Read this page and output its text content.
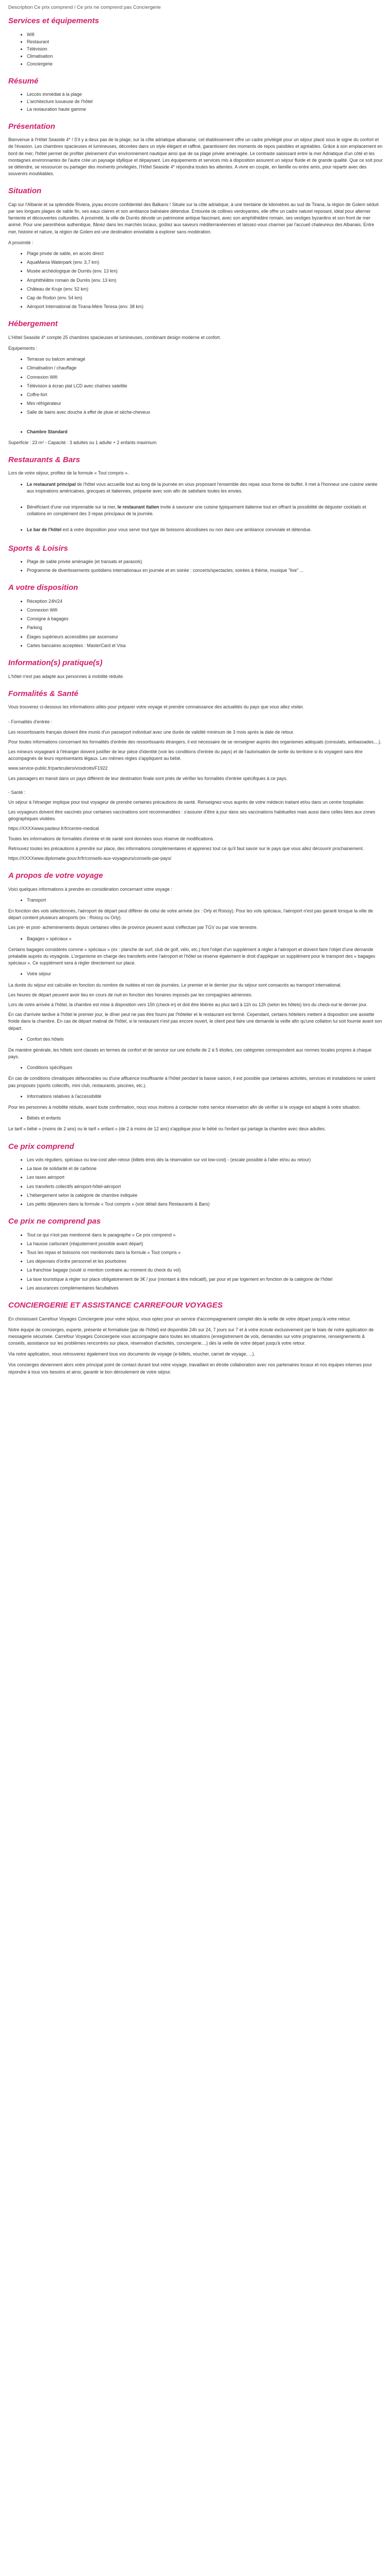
Description Ce prix comprend / Ce prix ne comprend pas Conciergerie
Services et équipements
• Wifi
• Restaurant
• Télévision
• Climatisation
• Conciergerie
Résumé
• Leccés immédiat à la plage
• L'architecture luxueuse de l'hôtel
• La restauration haute gamme
Présentation

Bienvenue à l'Hôtel Seaside 4* ! S'il y a deux pas de la plage, sur la côte adriatique albanaise, cet établissement offre un cadre privilégié pour un séjour placé sous le signe du confort et de l'évasion. Les chambres spacieuses et lumineuses, décorées dans un style élégant et raffiné, garantissent des moments de repos paisibles et agréables. Grâce à son emplacement en bord de mer, l'hôtel permet de profiter pleinement d'un environnement nautique ainsi que de sa plage privée aménagée. Le contraste saisissant entre la mer Adriatique d'un côté et les montagnes environnantes de l'autre crée un paysage idyllique et dépaysant. Les équipements et services mis à disposition assurent un séjour fluide et de grande qualité. Que ce soit pour se détendre, se ressourcer ou partager des moments privilégiés, l'Hôtel Seaside 4* répondra toutes les attentes. A vivre en couple, en famille ou entre amis, pour repartir avec des souvenirs inoubliables.

Situation

Cap sur l'Albanie et sa splendide Riviera, joyau encore confidentiel des Balkans ! Située sur la côte adriatique, à une trentaine de kilomètres au sud de Tirana, la région de Golem séduit par ses longues plages de sable fin, ses eaux claires et son ambiance balnéaire détendue. Entourée de collines verdoyantes, elle offre un cadre naturel reposant, idéal pour alterner farniente et découvertes culturelles. A proximité, la ville de Durrës dévoile un patrimoine antique fascinant, avec son amphithéâtre romain, ses vestiges byzantins et son front de mer animé. Pour une parenthèse authentique, flânez dans les marchés locaux, goûtez aux saveurs méditerranéennes et laissez-vous charmer par l'accueil chaleureux des Albanais. Entre mer, histoire et nature, la région de Golem est une destination enivelable à explorer sans modération.

A proximité :

• Plage privée de sable, en accès direct
• AquaMania Waterpark (env. 3,7 km)
• Musée archéologique de Durrës (env. 13 km)
• Amphithéâtre romain de Durrës (env. 13 km)
• Château de Kruje (env. 52 km)
• Cap de Rodon (env. 54 km)
• Aéroport International de Tirana-Mère Teresa (env. 38 km)
Hébergement

L'Hôtel Seaside 4* compte 25 chambres spacieuses et lumineuses, combinant design moderne et confort.

Equipements :

• Terrasse ou balcon aménagé
• Climatisation / chauffage
• Connexion Wifi
• Télévision à écran plat LCD avec chaînes satellite
• Coffre-fort
• Mini réfrigérateur
• Salle de bains avec douche à effet de pluie et sèche-cheveux
• Chambre Standard

Superficie : 23 m² - Capacité : 3 adultes ou 1 adulte + 2 enfants maximum

Restaurants & Bars

Lors de votre séjour, profitez de la formule « Tout compris ».

• Le restaurant principal de l'hôtel vous accueille tout au long de la journée en vous proposant l'ensemble des repas sous forme de buffet. Il met à l'honneur une cuisine variée aux inspirations américaines, grecques et italiennes, préparée avec soin afin de satisfaire toutes les envies.
• Bénéficiant d'une vue imprenable sur la mer, le restaurant italien invite à savourer une cuisine typiquement italienne tout en offrant la possibilité de déguster cocktails et collations en complément des 3 repas principaux de la journée.
• Le bar de l'hôtel est à votre disposition pour vous servir tout type de boissons alcoolisées ou non dans une ambiance conviviale et détendue.
Sports & Loisirs
• Plage de sable privée aménagée (et transats et parasols)
• Programme de divertissements quotidiens internationaux en journée et en soirée : concerts/spectacles, soirées à thème, musique "live" ...
A votre disposition
• Réception 24h/24
• Connexion Wifi
• Consigne à bagages
• Parking
• Étages supérieurs accessibles par ascenseur
• Cartes bancaires acceptées : MasterCard et Visa
Information(s) pratique(s)

L'hôtel n'est pas adapté aux personnes à mobilité réduite.

Formalités & Santé

Vous trouverez ci-dessous les informations utiles pour préparer votre voyage et prendre connaissance des actualités du pays que vous allez visiter.

- Formalités d'entrée :

Les ressortissants français doivent être munis d'un passeport individuel avec une durée de validité minimum de 3 mois après la date de retour.

Pour toutes informations concernant les formalités d'entrée des ressortissants étrangers, il est nécessaire de se renseigner auprès des organismes adéquats (consulats, ambassades....).

Les mineurs voyageant à l'étranger doivent justifier de leur pièce d'identité (voir les conditions d'entrée du pays) et de l'autorisation de sortie du territoire si ils voyagent sans être accompagnés de leurs représentants légaux. Les mêmes règles s'appliquent au bébé.

www.service-public.fr/particuliers/vosdroits/F1922

Les passagers en transit dans un pays différent de leur destination finale sont priés de vérifier les formalités d'entrée spécifiques à ce pays.

- Santé :

Un séjour à l'étranger implique pour tout voyageur de prendre certaines précautions de santé. Renseignez-vous auprès de votre médecin traitant et/ou dans un centre hospitalier.

Les voyageurs doivent être vaccinés pour certaines vaccinations sont recommandées : s'assurer d'être à jour dans ses vaccinations habituelles mais aussi dans celles liées aux zones géographiques visitées.

https://XXXXwww.pasteur.fr/fr/centre-medical

Toutes les informations de formalités d'entrée et de santé sont données sous réserve de modifications.

Retrouvez toutes les précautions à prendre sur place, des informations complémentaires et apprenez tout ce qu'il faut savoir sur le pays que vous allez découvrir prochainement.

https://XXXXwww.diplomatie.gouv.fr/fr/conseils-aux-voyageurs/conseils-par-pays/

A propos de votre voyage

Voici quelques informations à prendre en considération concernant votre voyage :

• Transport

En fonction des vols sélectionnés, l'aéroport de départ peut différer de celui de votre arrivée (ex : Orly et Roissy). Pour les vols spéciaux, l'aéroport n'est pas garanti lorsque la ville de départ contient plusieurs aéroports (ex : Roissy ou Orly).

Les pré- et post- acheminements depuis certaines villes de province peuvent aussi s'effectuer par TGV ou par voie terrestre.

• Bagages « spéciaux »

Certains bagages considérés comme « spéciaux » (ex : planche de surf, club de golf, vélo, etc.) font l'objet d'un supplément à régler à l'aéroport et doivent faire l'objet d'une demande préalable auprès du voyagiste. L'organisme en charge des transferts entre l'aéroport et l'hôtel se réserve également le droit d'appliquer un supplément pour le transport des « bagages spéciaux ». Ce supplément sera à régler directement sur place.

• Votre séjour

La durée du séjour est calculée en fonction du nombre de nuitées et non de journées. Le premier et le dernier jour du séjour sont consacrés au transport international.

Les heures de départ peuvent avoir lieu en cours de nuit en fonction des horaires imposés par les compagnies aériennes.

Lors de votre arrivée à l'hôtel, la chambre est mise à disposition vers 15h (check-in) et doit être libérée au plus tard à 11h ou 12h (selon les hôtels) lors du check-out le dernier jour.

En cas d'arrivée tardive à l'hôtel le premier jour, le dîner peut ne pas être fourni par l'hôtelier et le restaurant est fermé. Cependant, certains hôteliers mettent à disposition une assiette froide dans la chambre. En cas de départ matinal de l'hôtel, si le restaurant n'est pas encore ouvert, le client peut faire une demande la veille afin qu'une collation lui soit fournie avant son départ.

• Confort des hôtels

De manière générale, les hôtels sont classés en termes de confort et de service sur une échelle de 2 à 5 étoiles, ces catégories correspondent aux normes locales propres à chaque pays.

• Conditions spécifiques

En cas de conditions climatiques défavorables ou d'une affluence insuffisante à l'hôtel pendant la basse saison, il est possible que certaines activités, services et installations ne soient pas proposés (sports collectifs, mini club, restaurants, piscines, etc.).

• Informations relatives à l'accessibilité

Pour les personnes à mobilité réduite, avant toute confirmation, nous vous invitons à contacter notre service réservation afin de vérifier si le voyage est adapté à votre situation.

• Bébés et enfants

Le tarif « bébé » (moins de 2 ans) ou le tarif « enfant » (de 2 à moins de 12 ans) s'applique pour le bébé ou l'enfant qui partage la chambre avec deux adultes.

Ce prix comprend
• Les vols réguliers, spéciaux ou low-cost aller-retour (billets émis dès la réservation sur vol low-cost) - (escale possible à l'aller et/ou au retour)
• La taxe de solidarité et de carbone
• Les taxes aéroport
• Les transferts collectifs aéroport-hôtel-aéroport
• L'hébergement selon la catégorie de chambre indiquée
• Les petits déjeuners dans la formule « Tout compris » (voir détail dans Restaurants & Bars)
Ce prix ne comprend pas
• Tout ce qui n'est pas mentionné dans le paragraphe « Ce prix comprend »
• La hausse carburant (réajustement possible avant départ)
• Tous les repas et boissons non mentionnés dans la formule « Tout compris »
• Les dépenses d'ordre personnel et les pourboires
• La franchise bagage (soulé si mention contraire au moment du check du vol)
• La taxe touristique à régler sur place obligatoirement de 3€ / jour (montant à titre indicatif), par pour et par logement en fonction de la catégorie de l'hôtel
• Les assurances complémentaires facultatives
CONCIERGERIE ET ASSISTANCE CARREFOUR VOYAGES

En choisissant Carrefour Voyages Conciergerie pour votre séjour, vous optez pour un service d'accompagnement complet dès la veille de votre départ jusqu'à votre retour.

Notre équipe de concierges, experte, présente et formalisée (par de l'hôtel) est disponible 24h sur 24, 7 jours sur 7 et à votre écoute exclusivement par le biais de notre application de messagerie sécurisée. Carrefour Voyages Conciergerie vous accompagne dans toutes les situations (enregistrement de vols, demandes sur votre programme, renseignements & conseils, assistance sur les problèmes rencontrés sur place, réservation d'activités, conciergerie....) dès la veille de votre départ jusqu'à votre retour.

Via notre application, vous retrouverez également tous vos documents de voyage (e-billets, voucher, carnet de voyage, ...).

Vos concierges deviennent alors votre principal point de contact durant tout votre voyage, travaillant en étroite collaboration avec nos partenaires locaux et nos équipes internes pour répondre à tous vos besoins et ainsi, garantir le bon déroulement de votre séjour.
